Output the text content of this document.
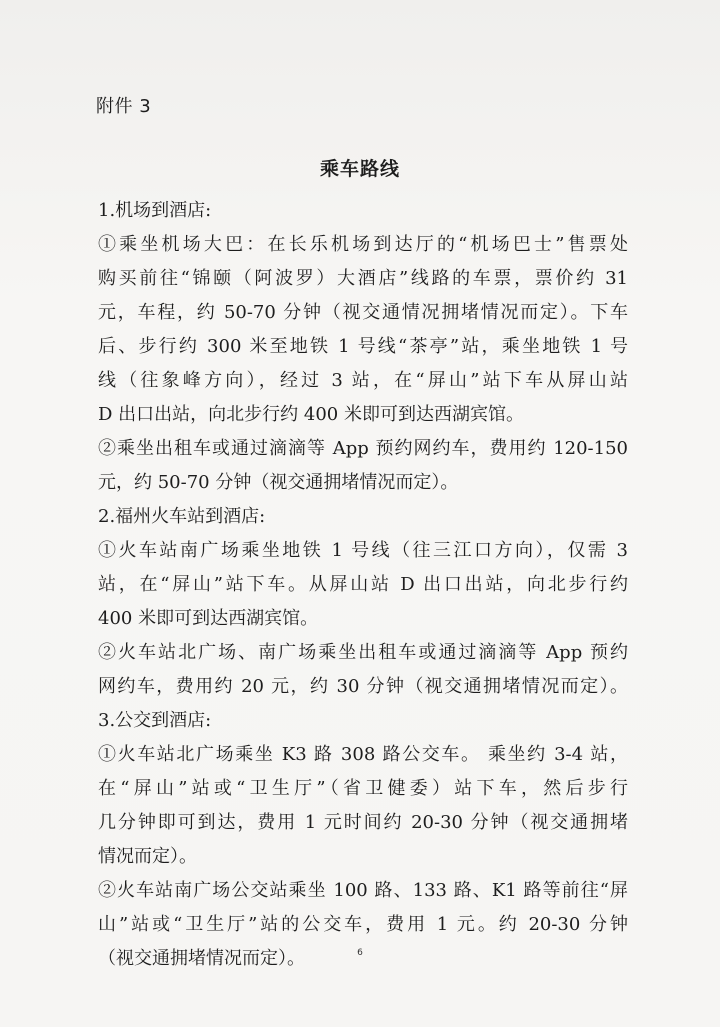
附件 3
乘车路线
1.机场到酒店:
①乘坐机场大巴：在长乐机场到达厅的“机场巴士”售票处
购买前往“锦颐（阿波罗）大酒店”线路的车票，票价约 31
元，车程，约 50-70 分钟（视交通情况拥堵情况而定）。下车
后、步行约 300 米至地铁 1 号线“茶亭”站，乘坐地铁 1 号
线（往象峰方向），经过 3 站，在“屏山”站下车从屏山站
D 出口出站，向北步行约 400 米即可到达西湖宾馆。
②乘坐出租车或通过滴滴等 App 预约网约车，费用约 120-150
元，约 50-70 分钟（视交通拥堵情况而定）。
2.福州火车站到酒店:
①火车站南广场乘坐地铁 1 号线（往三江口方向），仅需 3
站，在“屏山”站下车。从屏山站 D 出口出站，向北步行约
400 米即可到达西湖宾馆。
②火车站北广场、南广场乘坐出租车或通过滴滴等 App 预约
网约车，费用约 20 元，约 30 分钟（视交通拥堵情况而定）。
3.公交到酒店:
①火车站北广场乘坐 K3 路 308 路公交车。 乘坐约 3-4 站，
在“屏山”站或“卫生厅”（省卫健委）站下车，然后步行
几分钟即可到达，费用 1 元时间约 20-30 分钟（视交通拥堵
情况而定）。
②火车站南广场公交站乘坐 100 路、133 路、K1 路等前往“屏
山”站或“卫生厅”站的公交车，费用 1 元。约 20-30 分钟
（视交通拥堵情况而定）。	6
